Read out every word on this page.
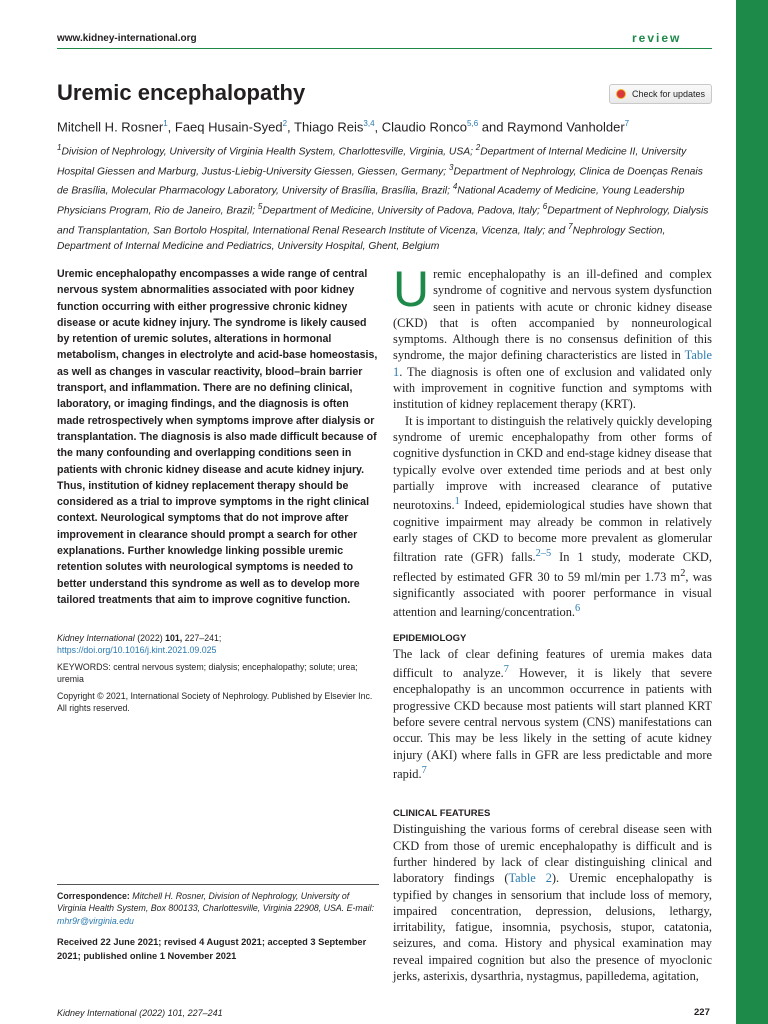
www.kidney-international.org	review
Uremic encephalopathy	Check for updates
Mitchell H. Rosner$^1$, Faeq Husain-Syed$^2$, Thiago Reis$^{3,4}$, Claudio Ronco$^{5,6}$ and Raymond Vanholder$^7$
$^1$Division of Nephrology, University of Virginia Health System, Charlottesville, Virginia, USA; $^2$Department of Internal Medicine II, University Hospital Giessen and Marburg, Justus-Liebig-University Giessen, Giessen, Germany; $^3$Department of Nephrology, Clinica de Doenças Renais de Brasília, Molecular Pharmacology Laboratory, University of Brasília, Brasília, Brazil; $^4$National Academy of Medicine, Young Leadership Physicians Program, Rio de Janeiro, Brazil; $^5$Department of Medicine, University of Padova, Padova, Italy; $^6$Department of Nephrology, Dialysis and Transplantation, San Bortolo Hospital, International Renal Research Institute of Vicenza, Vicenza, Italy; and $^7$Nephrology Section, Department of Internal Medicine and Pediatrics, University Hospital, Ghent, Belgium
Uremic encephalopathy encompasses a wide range of central nervous system abnormalities associated with poor kidney function occurring with either progressive chronic kidney disease or acute kidney injury. The syndrome is likely caused by retention of uremic solutes, alterations in hormonal metabolism, changes in electrolyte and acid-base homeostasis, as well as changes in vascular reactivity, blood–brain barrier transport, and inflammation. There are no defining clinical, laboratory, or imaging findings, and the diagnosis is often made retrospectively when symptoms improve after dialysis or transplantation. The diagnosis is also made difficult because of the many confounding and overlapping conditions seen in patients with chronic kidney disease and acute kidney injury. Thus, institution of kidney replacement therapy should be considered as a trial to improve symptoms in the right clinical context. Neurological symptoms that do not improve after improvement in clearance should prompt a search for other explanations. Further knowledge linking possible uremic retention solutes with neurological symptoms is needed to better understand this syndrome as well as to develop more tailored treatments that aim to improve cognitive function.
Kidney International (2022) 101, 227–241; https://doi.org/10.1016/j.kint.2021.09.025
KEYWORDS: central nervous system; dialysis; encephalopathy; solute; urea; uremia
Copyright © 2021, International Society of Nephrology. Published by Elsevier Inc. All rights reserved.
Correspondence: Mitchell H. Rosner, Division of Nephrology, University of Virginia Health System, Box 800133, Charlottesville, Virginia 22908, USA. E-mail: mhr9r@virginia.edu
Received 22 June 2021; revised 4 August 2021; accepted 3 September 2021; published online 1 November 2021

Uremic encephalopathy is an ill-defined and complex syndrome of cognitive and nervous system dysfunction seen in patients with acute or chronic kidney disease (CKD) that is often accompanied by nonneurological symptoms. Although there is no consensus definition of this syndrome, the major defining characteristics are listed in Table 1. The diagnosis is often one of exclusion and validated only with improvement in cognitive function and symptoms with institution of kidney replacement therapy (KRT).

It is important to distinguish the relatively quickly developing syndrome of uremic encephalopathy from other forms of cognitive dysfunction in CKD and end-stage kidney disease that typically evolve over extended time periods and at best only partially improve with increased clearance of putative neurotoxins.$^1$ Indeed, epidemiological studies have shown that cognitive impairment may already be common in relatively early stages of CKD to become more prevalent as glomerular filtration rate (GFR) falls.$^{2-5}$ In 1 study, moderate CKD, reflected by estimated GFR 30 to 59 ml/min per 1.73 $m^2$, was significantly associated with poorer performance in visual attention and learning/concentration.$^6$

EPIDEMIOLOGY

The lack of clear defining features of uremia makes data difficult to analyze.$^7$ However, it is likely that severe encephalopathy is an uncommon occurrence in patients with progressive CKD because most patients will start planned KRT before severe central nervous system (CNS) manifestations can occur. This may be less likely in the setting of acute kidney injury (AKI) where falls in GFR are less predictable and more rapid.$^7$

CLINICAL FEATURES

Distinguishing the various forms of cerebral disease seen with CKD from those of uremic encephalopathy is difficult and is further hindered by lack of clear distinguishing clinical and laboratory findings (Table 2). Uremic encephalopathy is typified by changes in sensorium that include loss of memory, impaired concentration, depression, delusions, lethargy, irritability, fatigue, insomnia, psychosis, stupor, catatonia, seizures, and coma. History and physical examination may reveal impaired cognition but also the presence of myoclonic jerks, asterixis, dysarthria, nystagmus, papilledema, agitation,

Kidney International (2022) 101, 227–241	227
